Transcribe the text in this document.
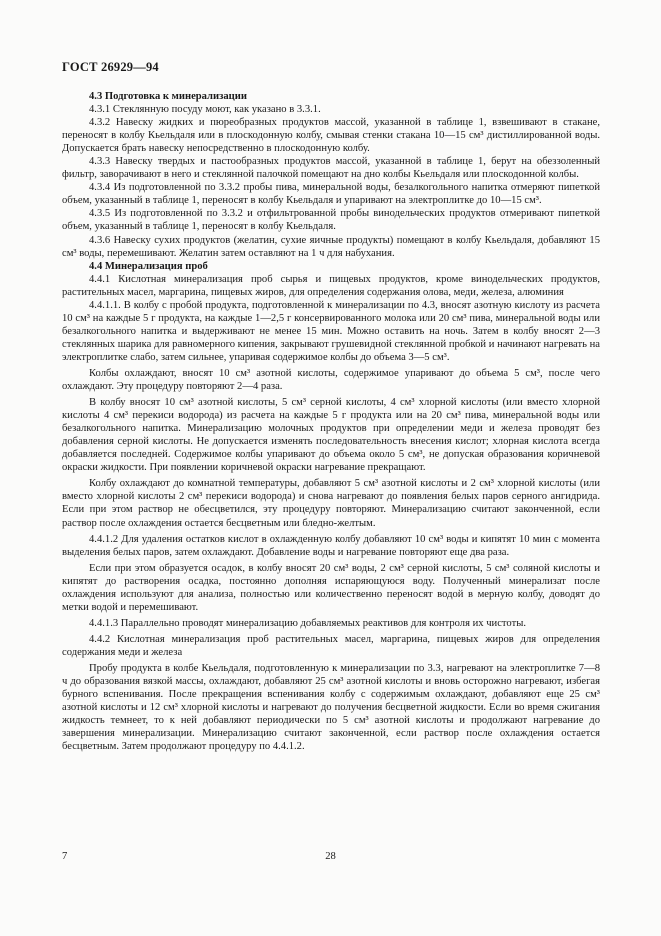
ГОСТ 26929—94

4.3 Подготовка к минерализации

4.3.1 Стеклянную посуду моют, как указано в 3.3.1.

4.3.2 Навеску жидких и пюреобразных продуктов массой, указанной в таблице 1, взвешивают в стакане, переносят в колбу Кьельдаля или в плоскодонную колбу, смывая стенки стакана 10—15 см³ дистиллированной воды. Допускается брать навеску непосредственно в плоскодонную колбу.

4.3.3 Навеску твердых и пастообразных продуктов массой, указанной в таблице 1, берут на обеззоленный фильтр, заворачивают в него и стеклянной палочкой помещают на дно колбы Кьельдаля или плоскодонной колбы.

4.3.4 Из подготовленной по 3.3.2 пробы пива, минеральной воды, безалкогольного напитка отмеряют пипеткой объем, указанный в таблице 1, переносят в колбу Кьельдаля и упаривают на электроплитке до 10—15 см³.

4.3.5 Из подготовленной по 3.3.2 и отфильтрованной пробы винодельческих продуктов отмеривают пипеткой объем, указанный в таблице 1, переносят в колбу Кьельдаля.

4.3.6 Навеску сухих продуктов (желатин, сухие яичные продукты) помещают в колбу Кьельдаля, добавляют 15 см³ воды, перемешивают. Желатин затем оставляют на 1 ч для набухания.

4.4 Минерализация проб

4.4.1 Кислотная минерализация проб сырья и пищевых продуктов, кроме винодельческих продуктов, растительных масел, маргарина, пищевых жиров, для определения содержания олова, меди, железа, алюминия

4.4.1.1. В колбу с пробой продукта, подготовленной к минерализации по 4.3, вносят азотную кислоту из расчета 10 см³ на каждые 5 г продукта, на каждые 1—2,5 г консервированного молока или 20 см³ пива, минеральной воды или безалкогольного напитка и выдерживают не менее 15 мин. Можно оставить на ночь. Затем в колбу вносят 2—3 стеклянных шарика для равномерного кипения, закрывают грушевидной стеклянной пробкой и начинают нагревать на электроплитке слабо, затем сильнее, упаривая содержимое колбы до объема 3—5 см³.

Колбы охлаждают, вносят 10 см³ азотной кислоты, содержимое упаривают до объема 5 см³, после чего охлаждают. Эту процедуру повторяют 2—4 раза.

В колбу вносят 10 см³ азотной кислоты, 5 см³ серной кислоты, 4 см³ хлорной кислоты (или вместо хлорной кислоты 4 см³ перекиси водорода) из расчета на каждые 5 г продукта или на 20 см³ пива, минеральной воды или безалкогольного напитка. Минерализацию молочных продуктов при определении меди и железа проводят без добавления серной кислоты. Не допускается изменять последовательность внесения кислот; хлорная кислота всегда добавляется последней. Содержимое колбы упаривают до объема около 5 см³, не допуская образования коричневой окраски жидкости. При появлении коричневой окраски нагревание прекращают.

Колбу охлаждают до комнатной температуры, добавляют 5 см³ азотной кислоты и 2 см³ хлорной кислоты (или вместо хлорной кислоты 2 см³ перекиси водорода) и снова нагревают до появления белых паров серного ангидрида. Если при этом раствор не обесцветился, эту процедуру повторяют. Минерализацию считают законченной, если раствор после охлаждения остается бесцветным или бледно-желтым.

4.4.1.2 Для удаления остатков кислот в охлажденную колбу добавляют 10 см³ воды и кипятят 10 мин с момента выделения белых паров, затем охлаждают. Добавление воды и нагревание повторяют еще два раза.

Если при этом образуется осадок, в колбу вносят 20 см³ воды, 2 см³ серной кислоты, 5 см³ соляной кислоты и кипятят до растворения осадка, постоянно дополняя испаряющуюся воду. Полученный минерализат после охлаждения используют для анализа, полностью или количественно переносят водой в мерную колбу, доводят до метки водой и перемешивают.

4.4.1.3 Параллельно проводят минерализацию добавляемых реактивов для контроля их чистоты.

4.4.2 Кислотная минерализация проб растительных масел, маргарина, пищевых жиров для определения содержания меди и железа

Пробу продукта в колбе Кьельдаля, подготовленную к минерализации по 3.3, нагревают на электроплитке 7—8 ч до образования вязкой массы, охлаждают, добавляют 25 см³ азотной кислоты и вновь осторожно нагревают, избегая бурного вспенивания. После прекращения вспенивания колбу с содержимым охлаждают, добавляют еще 25 см³ азотной кислоты и 12 см³ хлорной кислоты и нагревают до получения бесцветной жидкости. Если во время сжигания жидкость темнеет, то к ней добавляют периодически по 5 см³ азотной кислоты и продолжают нагревание до завершения минерализации. Минерализацию считают законченной, если раствор после охлаждения остается бесцветным. Затем продолжают процедуру по 4.4.1.2.

7	28
